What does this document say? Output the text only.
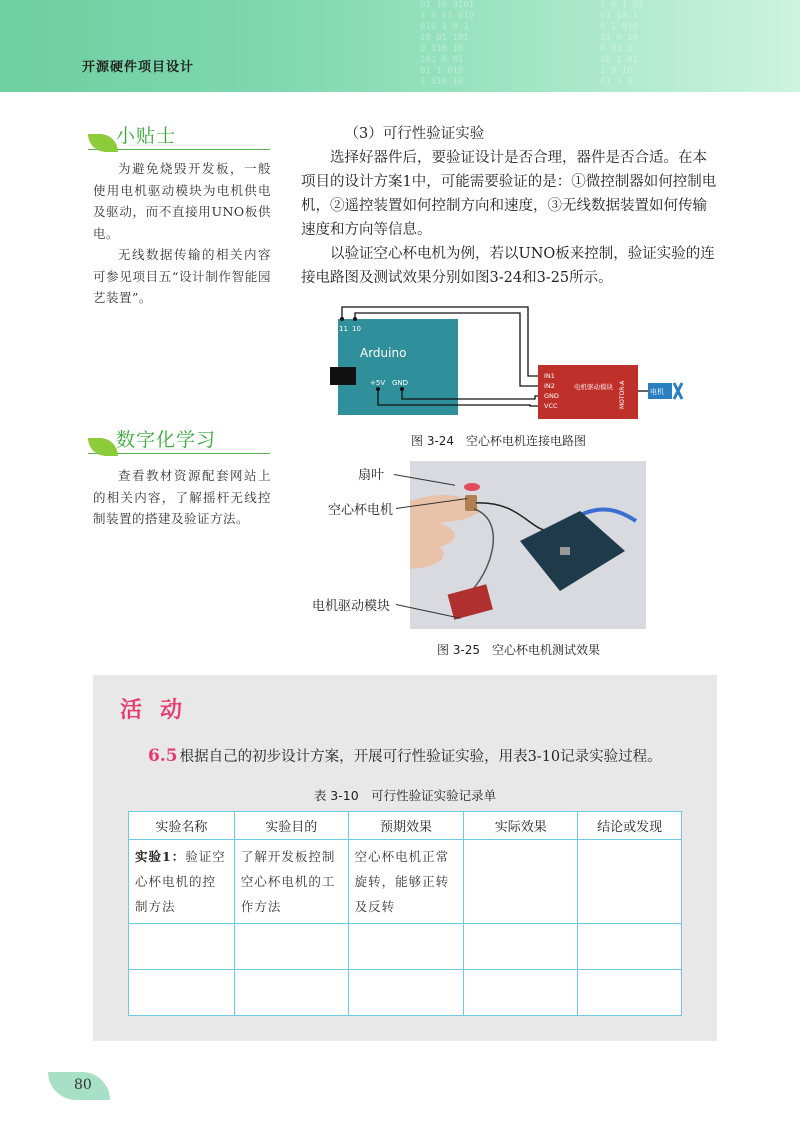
01 10 0101
1 0 11 010
010 1 0 1
10 01 101
0 110 10
101 0 01
01 1 010
1 010 10
1 0 1 01
01 10 1
0 1 010
11 0 10
0 01 1
10 1 01
1 0 10
01 1 0
开源硬件项目设计
小贴士

为避免烧毁开发板，一般使用电机驱动模块为电机供电及驱动，而不直接用UNO板供电。

无线数据传输的相关内容可参见项目五“设计制作智能园艺装置”。

数字化学习

查看教材资源配套网站上的相关内容，了解摇杆无线控制装置的搭建及验证方法。

（3）可行性验证实验

选择好器件后，要验证设计是否合理，器件是否合适。在本项目的设计方案1中，可能需要验证的是：①微控制器如何控制电机，②遥控装置如何控制方向和速度，③无线数据装置如何传输速度和方向等信息。

以验证空心杯电机为例，若以UNO板来控制，验证实验的连接电路图及测试效果分别如图3-24和3-25所示。

Arduino
11 10
+5V GND
IN1
IN2
GND
VCC
电机驱动模块 MOTOR-A	电机
图 3-24　空心杯电机连接电路图
扇叶
空心杯电机
电机驱动模块
图 3-25　空心杯电机测试效果
活动
6.5 根据自己的初步设计方案，开展可行性验证实验，用表3-10记录实验过程。
表 3-10　可行性验证实验记录单
实验名称	实验目的	预期效果	实际效果	结论或发现
实验1：验证空心杯电机的控制方法	了解开发板控制空心杯电机的工作方法	空心杯电机正常旋转，能够正转及反转		

80
